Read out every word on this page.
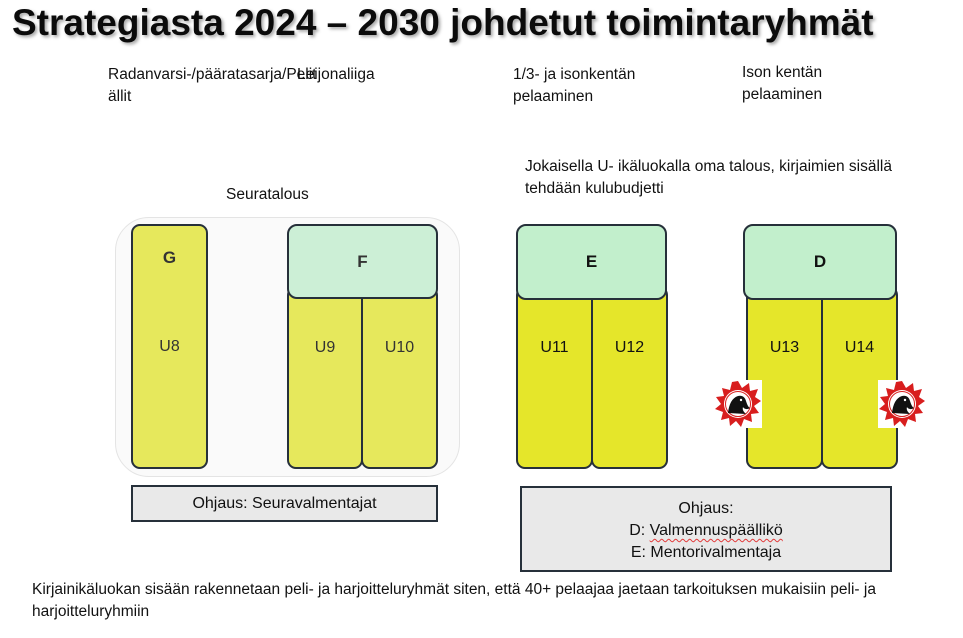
Strategiasta 2024 – 2030 johdetut toimintaryhmät
Radanvarsi-/pääratasarja/Pelit ällit
Leijonaliiga	1/3- ja isonkentän pelaaminen
Ison kentän pelaaminen
Jokaisella U- ikäluokalla oma talous, kirjaimien sisällä tehdään kulubudjetti
Seuratalous
G
U8	U9	U10
F
U11	U12
E
U13	U14
D
Ohjaus: Seuravalmentajat	Ohjaus:
D: Valmennuspäällikö
E: Mentorivalmentaja
Kirjainikäluokan sisään rakennetaan peli- ja harjoitteluryhmät siten, että 40+ pelaajaa jaetaan tarkoituksen mukaisiin peli- ja harjoitteluryhmiin
